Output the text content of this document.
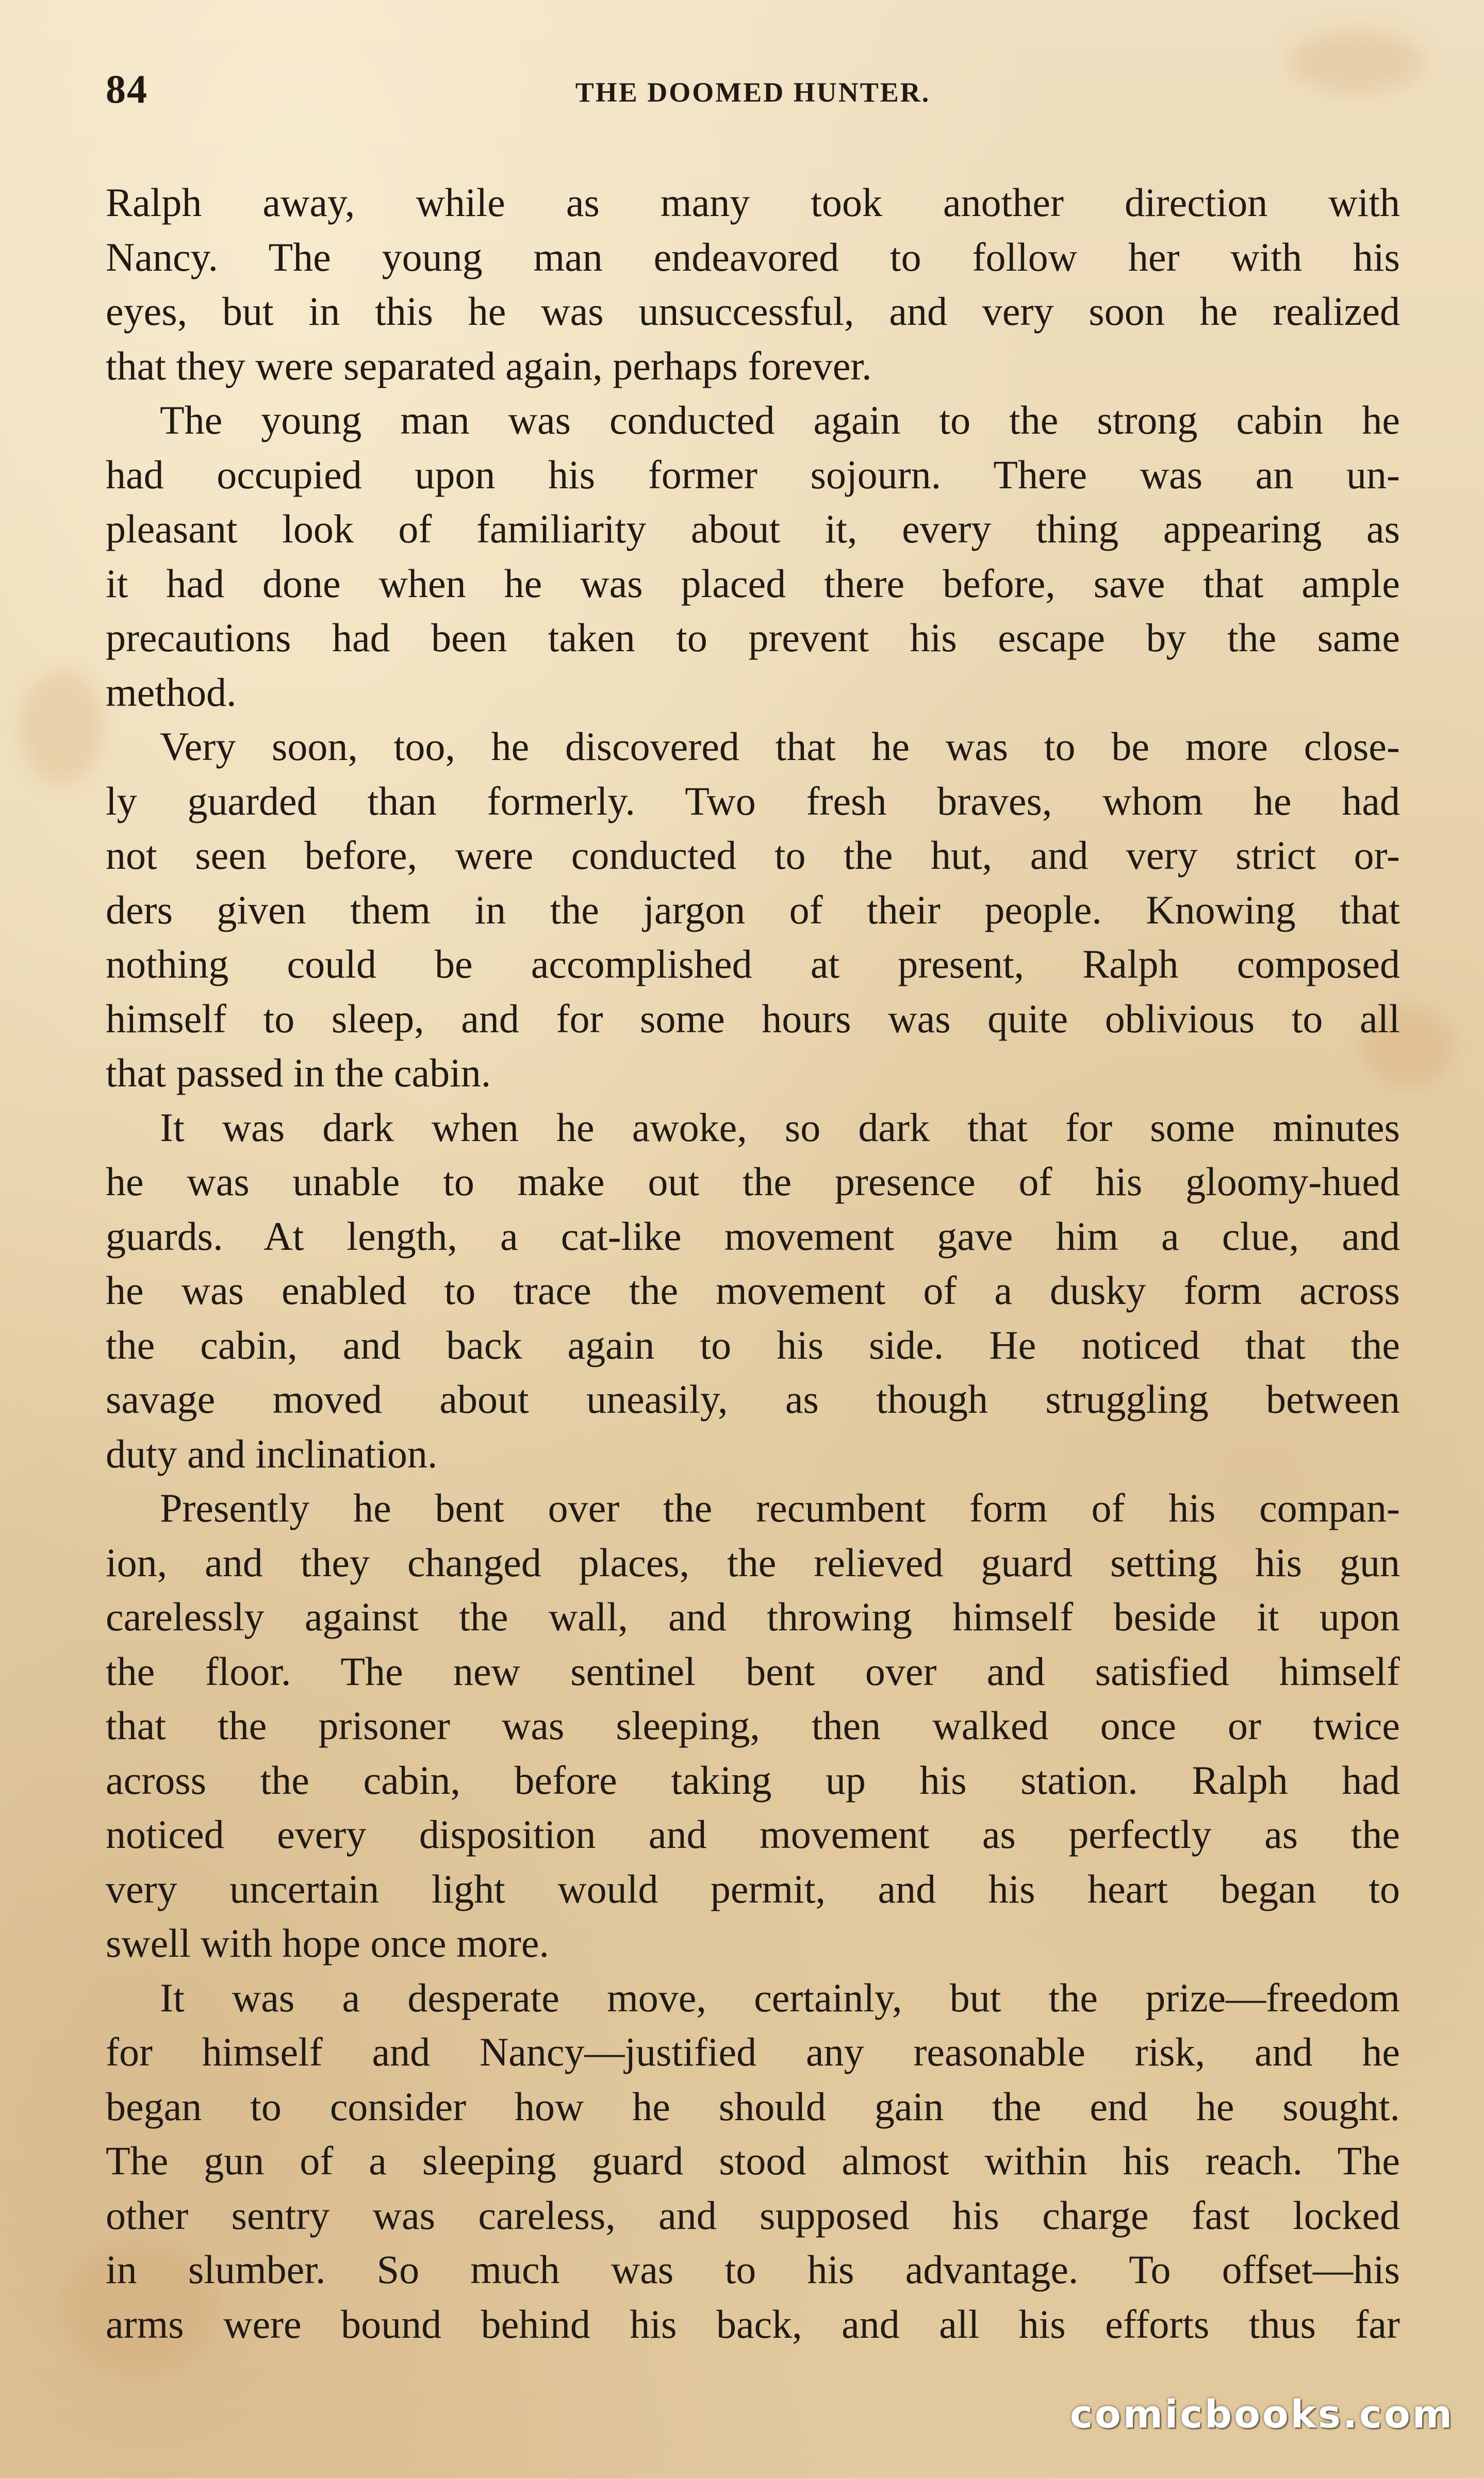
84	THE DOOMED HUNTER.

Ralph away, while as many took another direction with

Nancy. The young man endeavored to follow her with his

eyes, but in this he was unsuccessful, and very soon he realized

that they were separated again, perhaps forever.

The young man was conducted again to the strong cabin he

had occupied upon his former sojourn. There was an un-

pleasant look of familiarity about it, every thing appearing as

it had done when he was placed there before, save that ample

precautions had been taken to prevent his escape by the same

method.

Very soon, too, he discovered that he was to be more close-

ly guarded than formerly. Two fresh braves, whom he had

not seen before, were conducted to the hut, and very strict or-

ders given them in the jargon of their people. Knowing that

nothing could be accomplished at present, Ralph composed

himself to sleep, and for some hours was quite oblivious to all

that passed in the cabin.

It was dark when he awoke, so dark that for some minutes

he was unable to make out the presence of his gloomy-hued

guards. At length, a cat-like movement gave him a clue, and

he was enabled to trace the movement of a dusky form across

the cabin, and back again to his side. He noticed that the

savage moved about uneasily, as though struggling between

duty and inclination.

Presently he bent over the recumbent form of his compan-

ion, and they changed places, the relieved guard setting his gun

carelessly against the wall, and throwing himself beside it upon

the floor. The new sentinel bent over and satisfied himself

that the prisoner was sleeping, then walked once or twice

across the cabin, before taking up his station. Ralph had

noticed every disposition and movement as perfectly as the

very uncertain light would permit, and his heart began to

swell with hope once more.

It was a desperate move, certainly, but the prize—freedom

for himself and Nancy—justified any reasonable risk, and he

began to consider how he should gain the end he sought.

The gun of a sleeping guard stood almost within his reach. The

other sentry was careless, and supposed his charge fast locked

in slumber. So much was to his advantage. To offset—his

arms were bound behind his back, and all his efforts thus far

comicbooks.com
